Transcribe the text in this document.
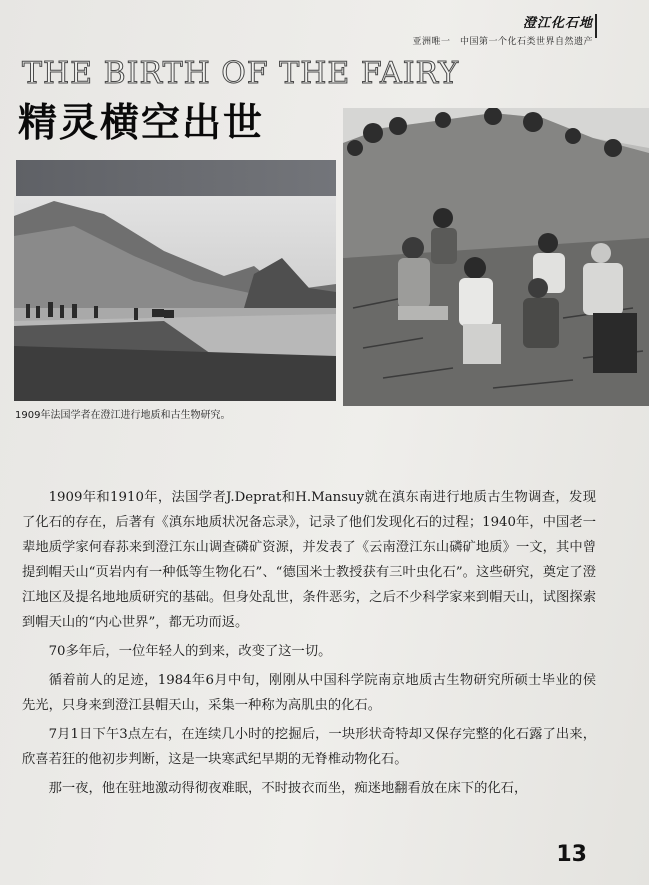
澄江化石地
亚洲唯一　中国第一个化石类世界自然遗产
THE BIRTH OF THE FAIRY
精灵横空出世
1909年法国学者在澄江进行地质和古生物研究。

1909年和1910年，法国学者J.Deprat和H.Mansuy就在滇东南进行地质古生物调查，发现了化石的存在，后著有《滇东地质状况备忘录》，记录了他们发现化石的过程；1940年，中国老一辈地质学家何春荪来到澄江东山调查磷矿资源，并发表了《云南澄江东山磷矿地质》一文，其中曾提到帽天山“页岩内有一种低等生物化石”、“德国米士教授获有三叶虫化石”。这些研究，奠定了澄江地区及提名地地质研究的基础。但身处乱世，条件恶劣，之后不少科学家来到帽天山，试图探索到帽天山的“内心世界”，都无功而返。

70多年后，一位年轻人的到来，改变了这一切。

循着前人的足迹，1984年6月中旬，刚刚从中国科学院南京地质古生物研究所硕士毕业的侯先光，只身来到澄江县帽天山，采集一种称为高肌虫的化石。

7月1日下午3点左右，在连续几小时的挖掘后，一块形状奇特却又保存完整的化石露了出来，欣喜若狂的他初步判断，这是一块寒武纪早期的无脊椎动物化石。

那一夜，他在驻地激动得彻夜难眠，不时披衣而坐，痴迷地翻看放在床下的化石，

13
